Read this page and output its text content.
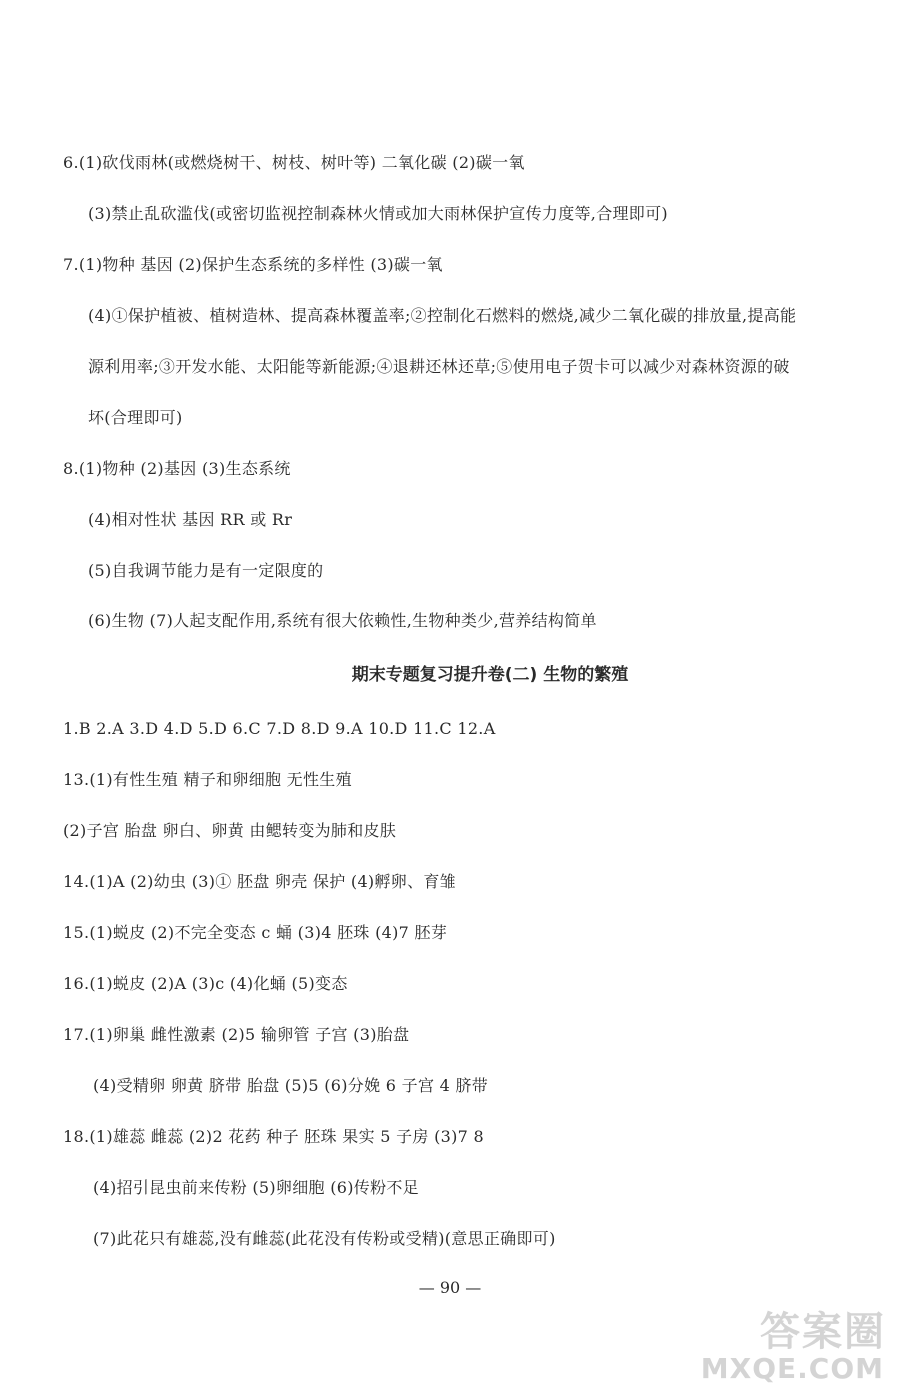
6.(1)砍伐雨林(或燃烧树干、树枝、树叶等) 二氧化碳 (2)碳一氧
(3)禁止乱砍滥伐(或密切监视控制森林火情或加大雨林保护宣传力度等,合理即可)
7.(1)物种 基因 (2)保护生态系统的多样性 (3)碳一氧
(4)①保护植被、植树造林、提高森林覆盖率;②控制化石燃料的燃烧,减少二氧化碳的排放量,提高能
源利用率;③开发水能、太阳能等新能源;④退耕还林还草;⑤使用电子贺卡可以减少对森林资源的破
坏(合理即可)
8.(1)物种 (2)基因 (3)生态系统
(4)相对性状 基因 RR 或 Rr
(5)自我调节能力是有一定限度的
(6)生物 (7)人起支配作用,系统有很大依赖性,生物种类少,营养结构简单
期末专题复习提升卷(二) 生物的繁殖
1.B 2.A 3.D 4.D 5.D 6.C 7.D 8.D 9.A 10.D 11.C 12.A
13.(1)有性生殖 精子和卵细胞 无性生殖
(2)子宫 胎盘 卵白、卵黄 由鳃转变为肺和皮肤
14.(1)A (2)幼虫 (3)① 胚盘 卵壳 保护 (4)孵卵、育雏
15.(1)蜕皮 (2)不完全变态 c 蛹 (3)4 胚珠 (4)7 胚芽
16.(1)蜕皮 (2)A (3)c (4)化蛹 (5)变态
17.(1)卵巢 雌性激素 (2)5 输卵管 子宫 (3)胎盘
(4)受精卵 卵黄 脐带 胎盘 (5)5 (6)分娩 6 子宫 4 脐带
18.(1)雄蕊 雌蕊 (2)2 花药 种子 胚珠 果实 5 子房 (3)7 8
(4)招引昆虫前来传粉 (5)卵细胞 (6)传粉不足
(7)此花只有雄蕊,没有雌蕊(此花没有传粉或受精)(意思正确即可)
— 90 —
答案圈
MXQE.COM
